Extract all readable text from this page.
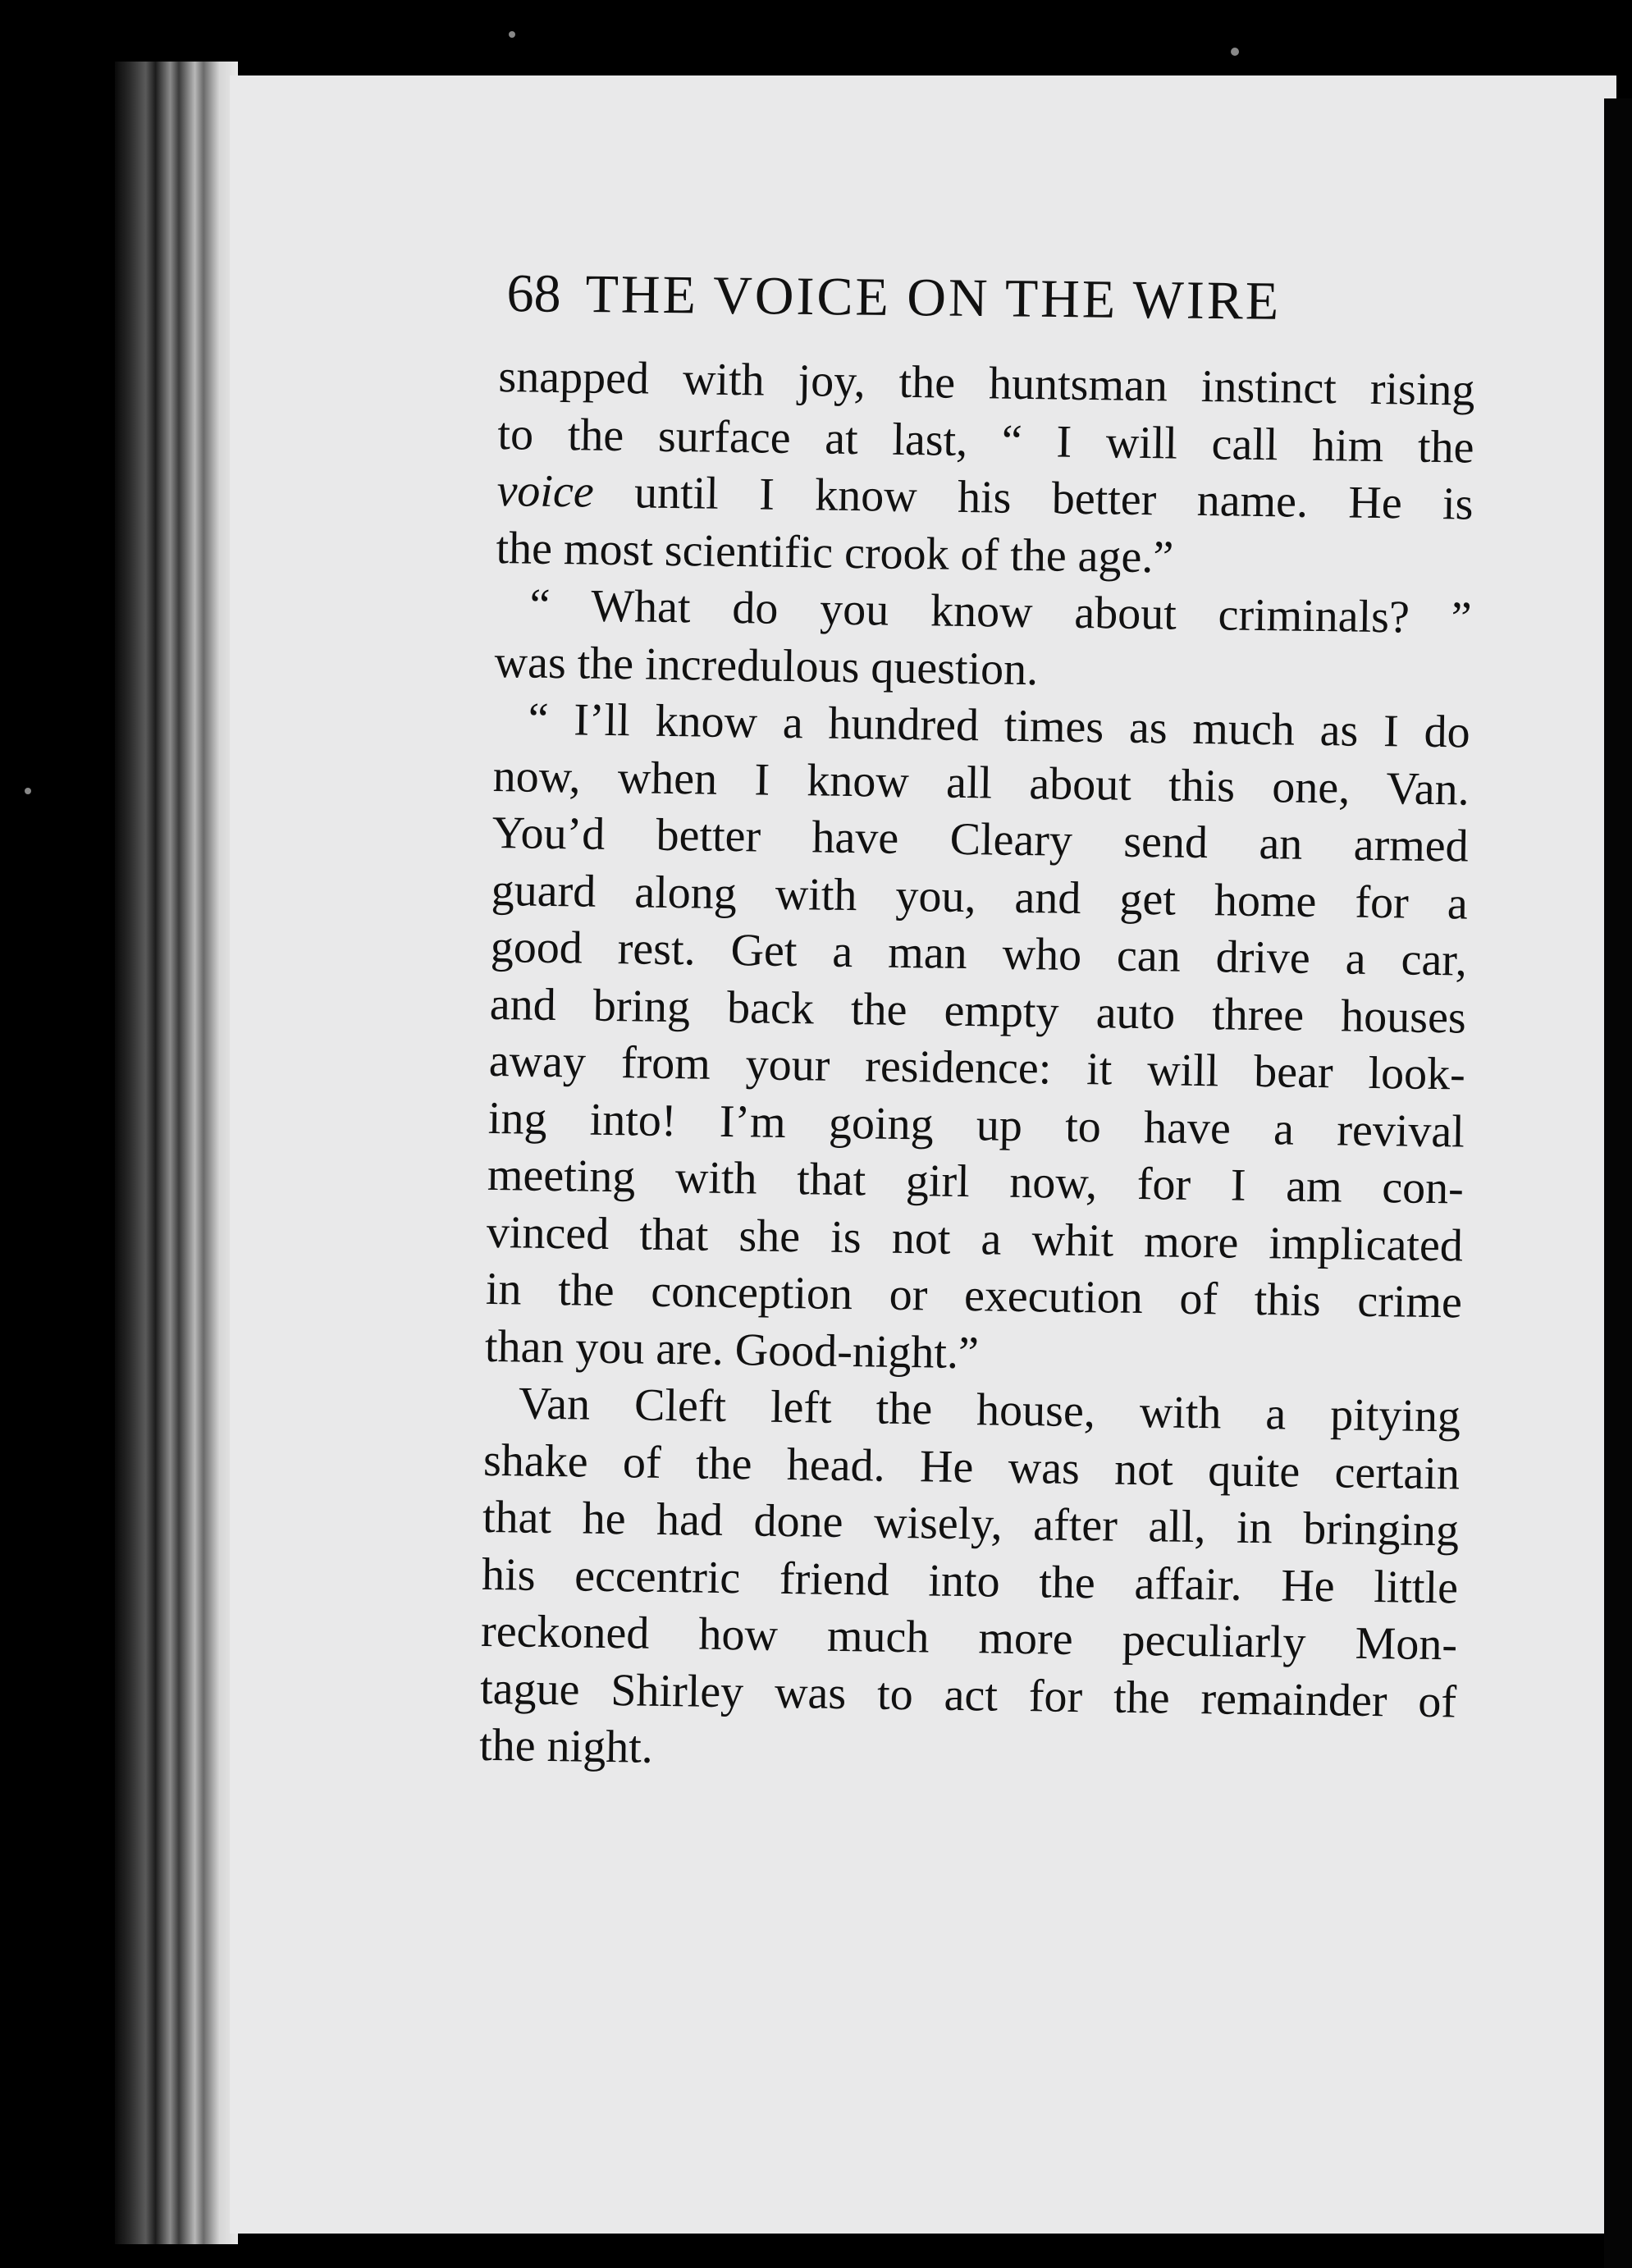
68 THE VOICE ON THE WIRE
snapped with joy, the huntsman instinct rising
to the surface at last, “ I will call him the
voice until I know his better name. He is
the most scientific crook of the age.”
“ What do you know about criminals? ”
was the incredulous question.
“ I’ll know a hundred times as much as I do
now, when I know all about this one, Van.
You’d better have Cleary send an armed
guard along with you, and get home for a
good rest. Get a man who can drive a car,
and bring back the empty auto three houses
away from your residence: it will bear look-
ing into! I’m going up to have a revival
meeting with that girl now, for I am con-
vinced that she is not a whit more implicated
in the conception or execution of this crime
than you are. Good-night.”
Van Cleft left the house, with a pitying
shake of the head. He was not quite certain
that he had done wisely, after all, in bringing
his eccentric friend into the affair. He little
reckoned how much more peculiarly Mon-
tague Shirley was to act for the remainder of
the night.
